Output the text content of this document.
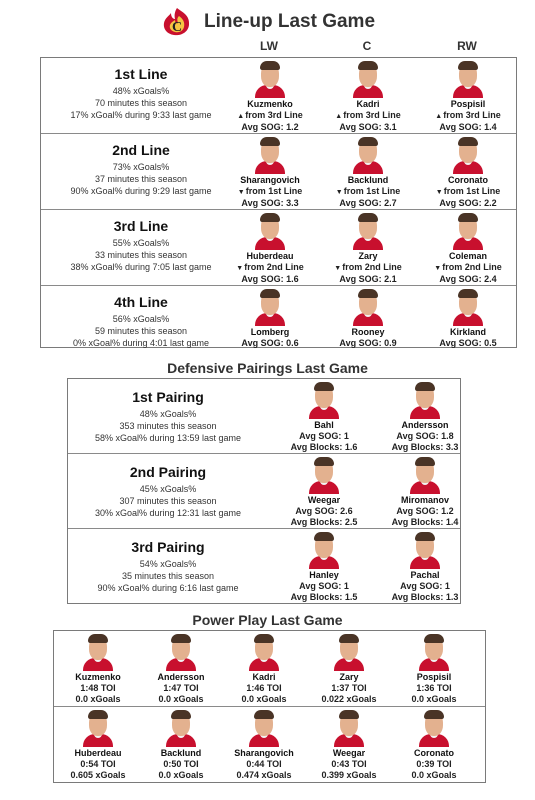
C Line-up Last Game
LW	C	RW
1st Line
48% xGoals%
70 minutes this season
17% xGoal% during 9:33 last game
Kuzmenko
▲from 3rd Line
Avg SOG: 1.2
Kadri
▲from 3rd Line
Avg SOG: 3.1
Pospisil
▲from 3rd Line
Avg SOG: 1.4
2nd Line
73% xGoals%
37 minutes this season
90% xGoal% during 9:29 last game
Sharangovich
▼from 1st Line
Avg SOG: 3.3
Backlund
▼from 1st Line
Avg SOG: 2.7
Coronato
▼from 1st Line
Avg SOG: 2.2
3rd Line
55% xGoals%
33 minutes this season
38% xGoal% during 7:05 last game
Huberdeau
▼from 2nd Line
Avg SOG: 1.6
Zary
▼from 2nd Line
Avg SOG: 2.1
Coleman
▼from 2nd Line
Avg SOG: 2.4
4th Line
56% xGoals%
59 minutes this season
0% xGoal% during 4:01 last game
Lomberg
Avg SOG: 0.6
Rooney
Avg SOG: 0.9
Kirkland
Avg SOG: 0.5
Defensive Pairings Last Game
1st Pairing
48% xGoals%
353 minutes this season
58% xGoal% during 13:59 last game
Bahl
Avg SOG: 1
Avg Blocks: 1.6
Andersson
Avg SOG: 1.8
Avg Blocks: 3.3
2nd Pairing
45% xGoals%
307 minutes this season
30% xGoal% during 12:31 last game
Weegar
Avg SOG: 2.6
Avg Blocks: 2.5
Miromanov
Avg SOG: 1.2
Avg Blocks: 1.4
3rd Pairing
54% xGoals%
35 minutes this season
90% xGoal% during 6:16 last game
Hanley
Avg SOG: 1
Avg Blocks: 1.5
Pachal
Avg SOG: 1
Avg Blocks: 1.3
Power Play Last Game
Kuzmenko
1:48 TOI
0.0 xGoals
Andersson
1:47 TOI
0.0 xGoals
Kadri
1:46 TOI
0.0 xGoals
Zary
1:37 TOI
0.022 xGoals
Pospisil
1:36 TOI
0.0 xGoals
Huberdeau
0:54 TOI
0.605 xGoals
Backlund
0:50 TOI
0.0 xGoals
Sharangovich
0:44 TOI
0.474 xGoals
Weegar
0:43 TOI
0.399 xGoals
Coronato
0:39 TOI
0.0 xGoals
